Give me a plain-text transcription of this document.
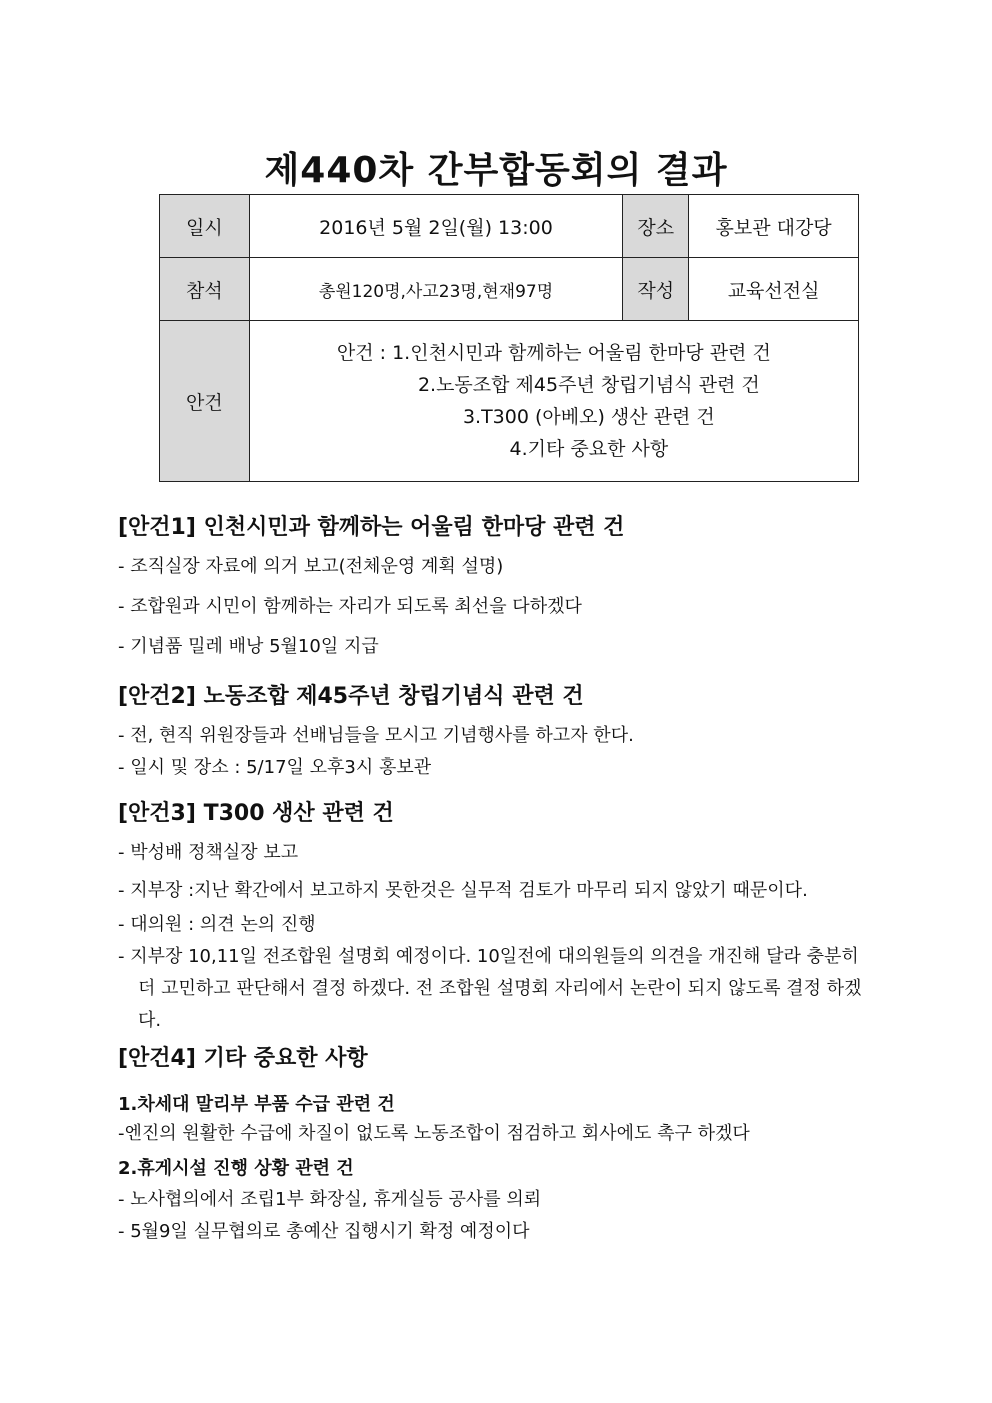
제440차 간부합동회의 결과
일시	2016년 5월 2일(월) 13:00	장소	홍보관 대강당
참석	총원120명,사고23명,현재97명	작성	교육선전실
안건	안건 : 1.인천시민과 함께하는 어울림 한마당 관련 건
2.노동조합 제45주년 창립기념식 관련 건
3.T300 (아베오) 생산 관련 건
4.기타 중요한 사항		
[안건1] 인천시민과 함께하는 어울림 한마당 관련 건
- 조직실장 자료에 의거 보고(전체운영 계획 설명)
- 조합원과 시민이 함께하는 자리가 되도록 최선을 다하겠다
- 기념품 밀레 배낭 5월10일 지급
[안건2] 노동조합 제45주년 창립기념식 관련 건
- 전, 현직 위원장들과 선배님들을 모시고 기념행사를 하고자 한다.
- 일시 및 장소 : 5/17일 오후3시 홍보관
[안건3] T300 생산 관련 건
- 박성배 정책실장 보고
- 지부장 :지난 확간에서 보고하지 못한것은 실무적 검토가 마무리 되지 않았기 때문이다.
- 대의원 : 의견 논의 진행
- 지부장 10,11일 전조합원 설명회 예정이다. 10일전에 대의원들의 의견을 개진해 달라 충분히 더 고민하고 판단해서 결정 하겠다. 전 조합원 설명회 자리에서 논란이 되지 않도록 결정 하겠다.
[안건4] 기타 중요한 사항
1.차세대 말리부 부품 수급 관련 건
-엔진의 원활한 수급에 차질이 없도록 노동조합이 점검하고 회사에도 촉구 하겠다
2.휴게시설 진행 상황 관련 건
- 노사협의에서 조립1부 화장실, 휴게실등 공사를 의뢰
- 5월9일 실무협의로 총예산 집행시기 확정 예정이다
